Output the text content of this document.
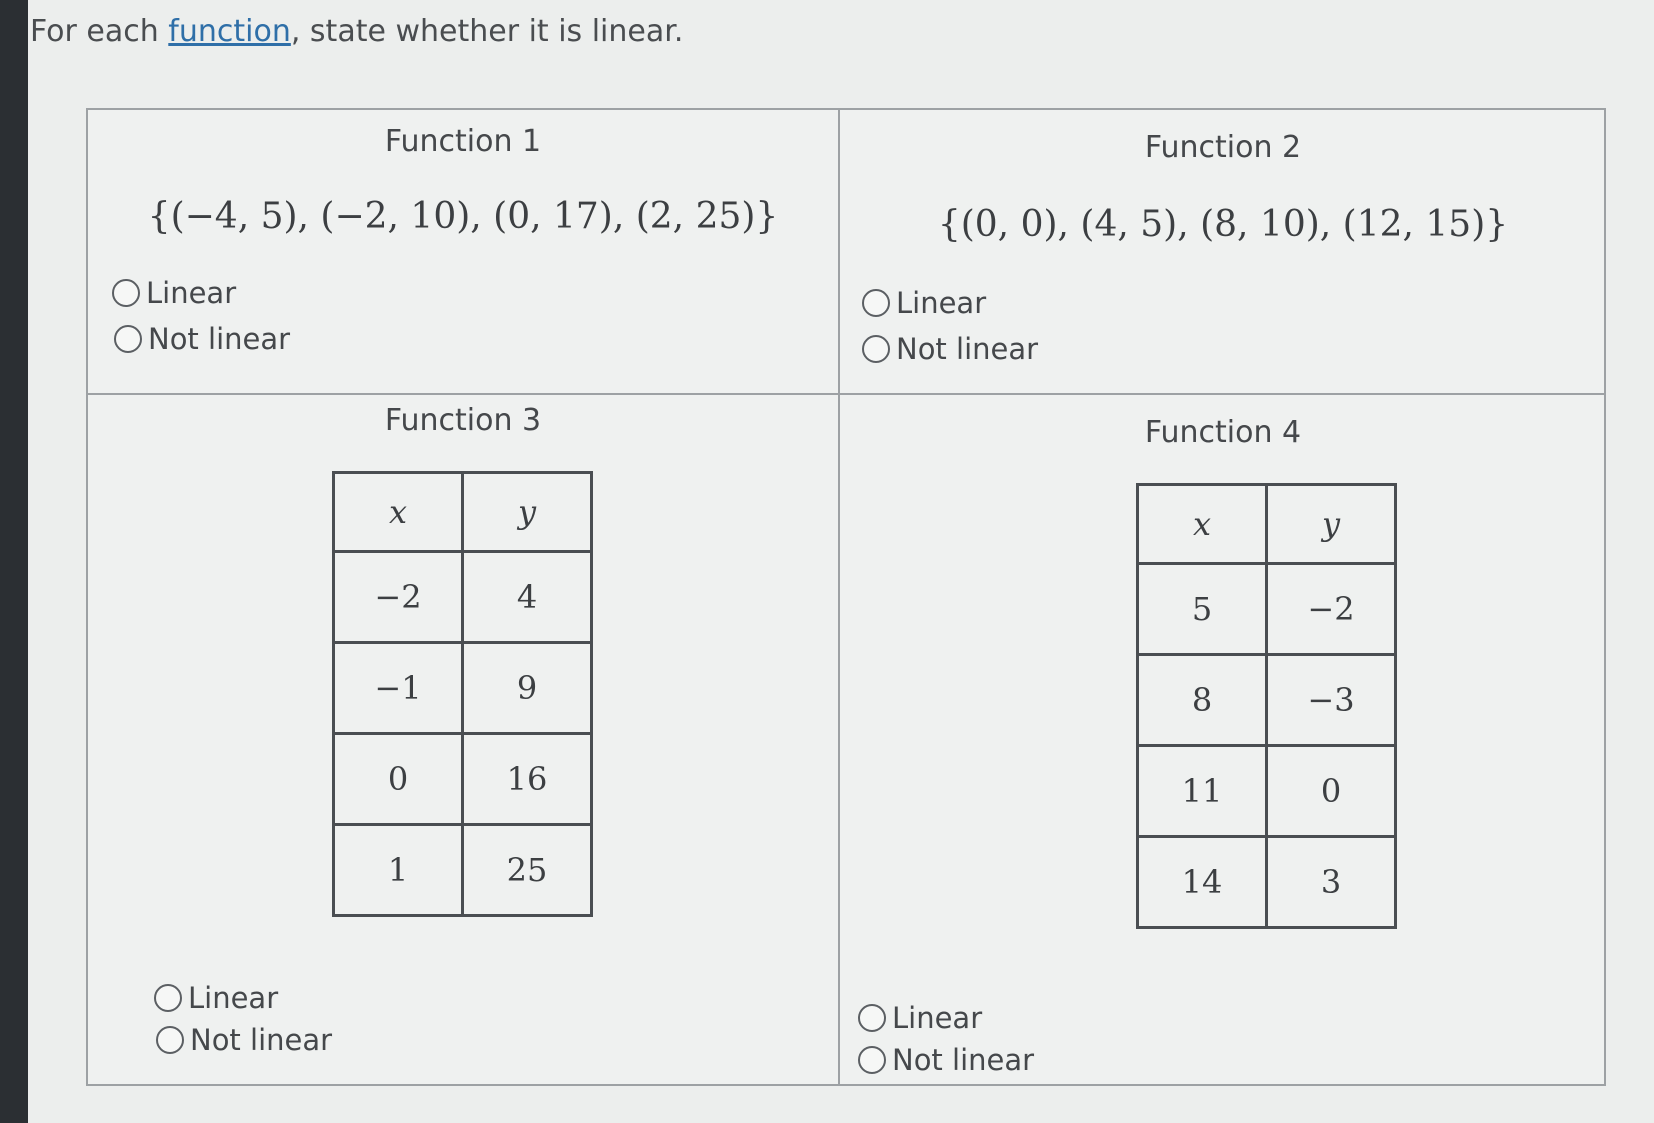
For each function, state whether it is linear.
Function 1
{(−4, 5), (−2, 10), (0, 17), (2, 25)}
Linear
Not linear
Function 2
{(0, 0), (4, 5), (8, 10), (12, 15)}
Linear
Not linear
Function 3
x	y
−2	4
−1	9
0	16
1	25
Linear
Not linear
Function 4
x	y
5	−2
8	−3
11	0
14	3
Linear
Not linear
